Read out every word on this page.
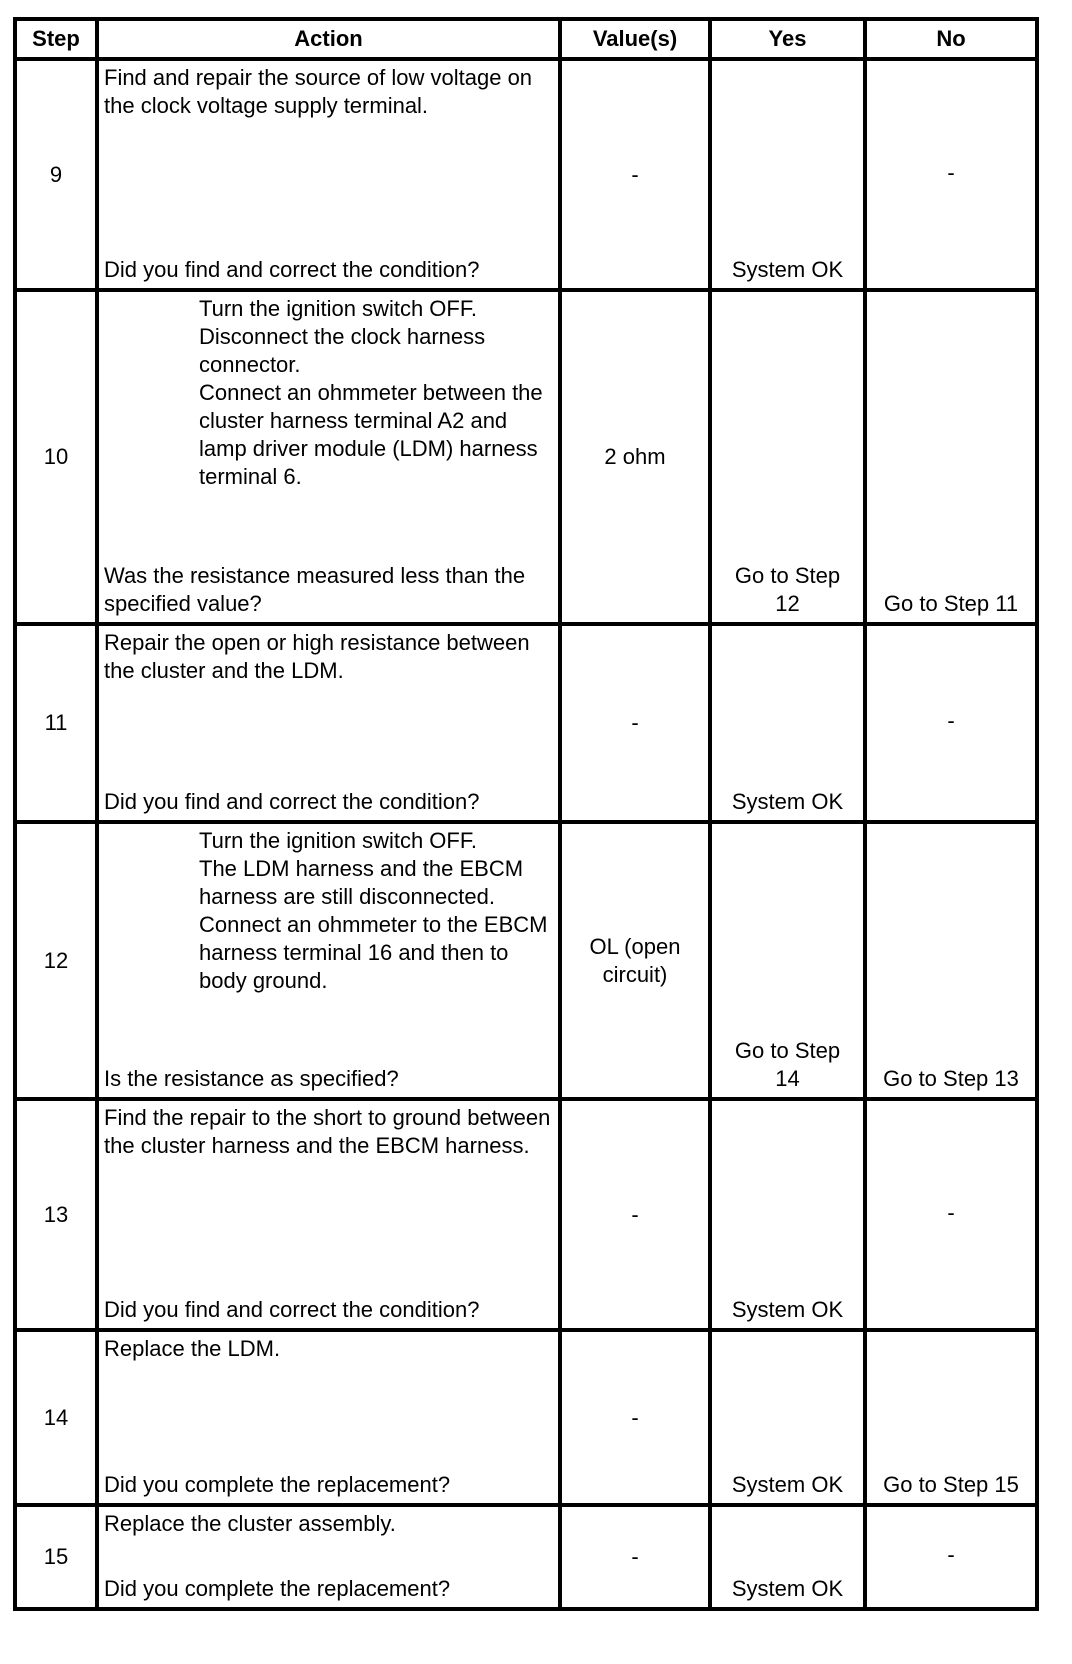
Step	Action	Value(s)	Yes	No
9	Find and repair the source of low voltage on the clock voltage supply terminal.
Did you find and correct the condition?	-	System OK	-
10	Turn the ignition switch OFF.
Disconnect the clock harness connector.
Connect an ohmmeter between the cluster harness terminal A2 and lamp driver module (LDM) harness terminal 6.
Was the resistance measured less than the specified value?	2 ohm	Go to Step 12	Go to Step 11
11	Repair the open or high resistance between the cluster and the LDM.
Did you find and correct the condition?	-	System OK	-
12	Turn the ignition switch OFF.
The LDM harness and the EBCM harness are still disconnected.
Connect an ohmmeter to the EBCM harness terminal 16 and then to body ground.
Is the resistance as specified?	OL (open circuit)	Go to Step 14	Go to Step 13
13	Find the repair to the short to ground between the cluster harness and the EBCM harness.
Did you find and correct the condition?	-	System OK	-
14	Replace the LDM.
Did you complete the replacement?	-	System OK	Go to Step 15
15	Replace the cluster assembly.
Did you complete the replacement?	-	System OK	-
